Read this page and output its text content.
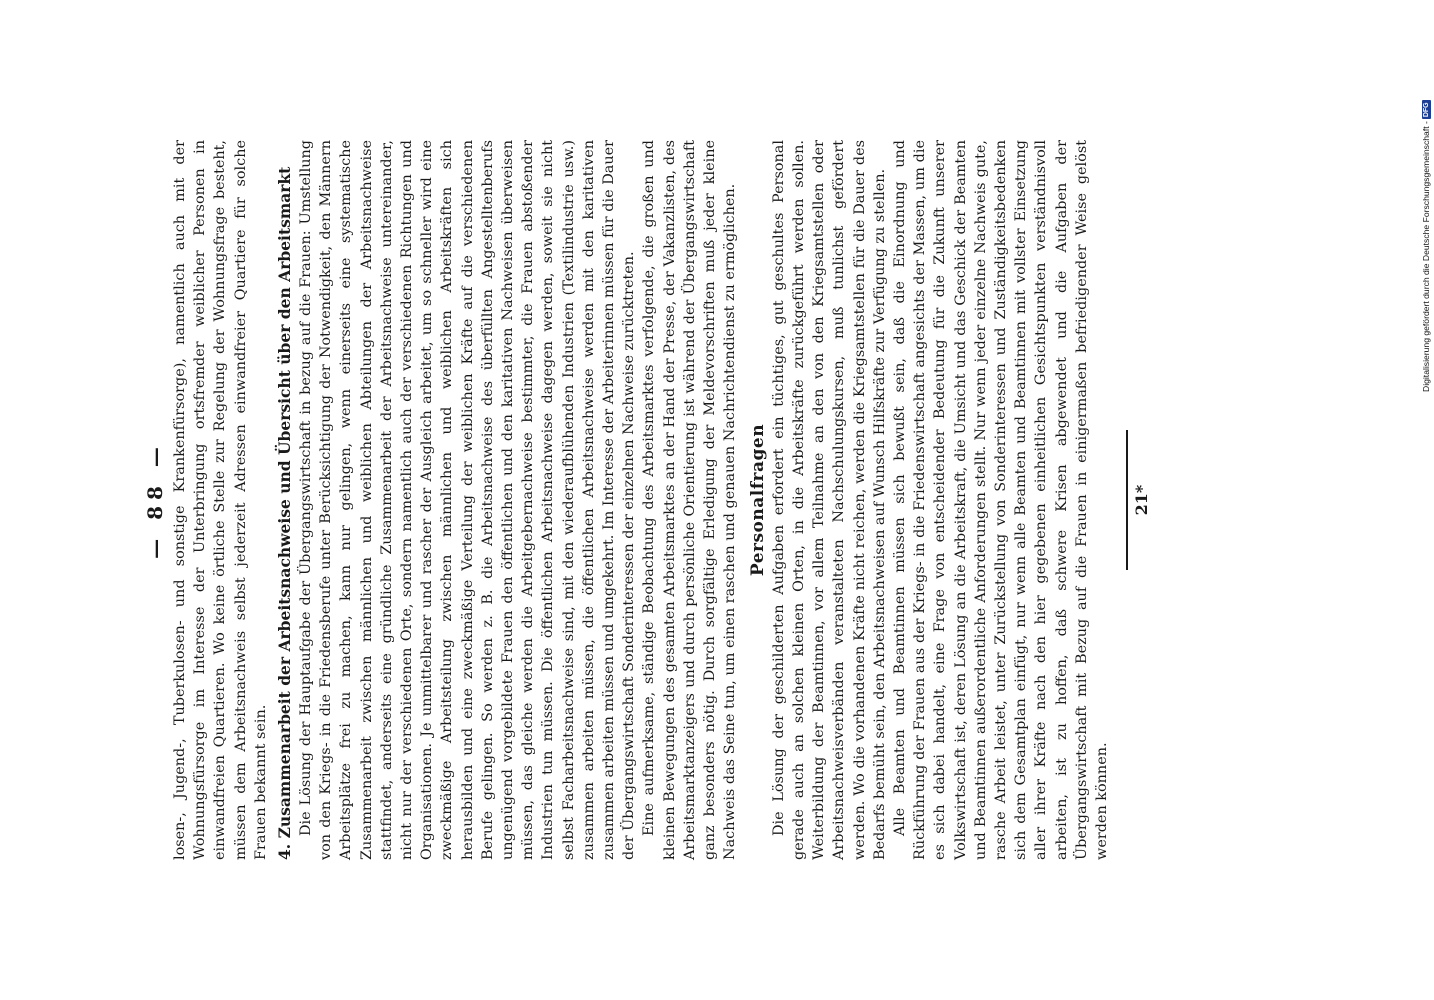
— 88 — losen-, Jugend-, Tuberkulosen- und sonstige Krankenfürsorge), namentlich auch mit der Wohnungsfürsorge im Interesse der Unterbringung ortsfremder weiblicher Personen in einwandfreien Quartieren. Wo keine örtliche Stelle zur Regelung der Wohnungsfrage besteht, müssen dem Arbeitsnachweis selbst jederzeit Adressen einwandfreier Quartiere für solche Frauen bekannt sein. 4. Zusammenarbeit der Arbeitsnachweise und Übersicht über den Arbeitsmarkt Die Lösung der Hauptaufgabe der Übergangswirtschaft in bezug auf die Frauen: Umstellung von den Kriegs- in die Friedensberufe unter Berücksichtigung der Notwendigkeit, den Männern Arbeitsplätze frei zu machen, kann nur gelingen, wenn einerseits eine systematische Zusammenarbeit zwischen männlichen und weiblichen Abteilungen der Arbeitsnachweise stattfindet, anderseits eine gründliche Zusammenarbeit der Arbeitsnachweise untereinander, nicht nur der verschiedenen Orte, sondern namentlich auch der verschiedenen Richtungen und Organisationen. Je unmittelbarer und rascher der Ausgleich arbeitet, um so schneller wird eine zweckmäßige Arbeitsteilung zwischen männlichen und weiblichen Arbeitskräften sich herausbilden und eine zweckmäßige Verteilung der weiblichen Kräfte auf die verschiedenen Berufe gelingen. So werden z. B. die Arbeitsnachweise des überfüllten Angestelltenberufs ungenügend vorgebildete Frauen den öffentlichen und den karitativen Nachweisen überweisen müssen, das gleiche werden die Arbeitgebernachweise bestimmter, die Frauen abstoßender Industrien tun müssen. Die öffentlichen Arbeitsnachweise dagegen werden, soweit sie nicht selbst Facharbeitsnachweise sind, mit den wiederaufblühenden Industrien (Textilindustrie usw.) zusammen arbeiten müssen, die öffentlichen Arbeitsnachweise werden mit den karitativen zusammen arbeiten müssen und umgekehrt. Im Interesse der Arbeiterinnen müssen für die Dauer der Übergangswirtschaft Sonderinteressen der einzelnen Nachweise zurücktreten. Eine aufmerksame, ständige Beobachtung des Arbeitsmarktes verfolgende, die großen und kleinen Bewegungen des gesamten Arbeitsmarktes an der Hand der Presse, der Vakanzlisten, des Arbeitsmarktanzeigers und durch persönliche Orientierung ist während der Übergangswirtschaft ganz besonders nötig. Durch sorgfältige Erledigung der Meldevorschriften muß jeder kleine Nachweis das Seine tun, um einen raschen und genauen Nachrichtendienst zu ermöglichen. Personalfragen Die Lösung der geschilderten Aufgaben erfordert ein tüchtiges, gut geschultes Personal gerade auch an solchen kleinen Orten, in die Arbeitskräfte zurückgeführt werden sollen. Weiterbildung der Beamtinnen, vor allem Teilnahme an den von den Kriegsamtstellen oder Arbeitsnachweisverbänden veranstalteten Nachschulungskursen, muß tunlichst gefördert werden. Wo die vorhandenen Kräfte nicht reichen, werden die Kriegsamtstellen für die Dauer des Bedarfs bemüht sein, den Arbeitsnachweisen auf Wunsch Hilfskräfte zur Verfügung zu stellen. Alle Beamten und Beamtinnen müssen sich bewußt sein, daß die Einordnung und Rückführung der Frauen aus der Kriegs- in die Friedenswirtschaft angesichts der Massen, um die es sich dabei handelt, eine Frage von entscheidender Bedeutung für die Zukunft unserer Volkswirtschaft ist, deren Lösung an die Arbeitskraft, die Umsicht und das Geschick der Beamten und Beamtinnen außerordentliche Anforderungen stellt. Nur wenn jeder einzelne Nachweis gute, rasche Arbeit leistet, unter Zurückstellung von Sonderinteressen und Zuständigkeitsbedenken sich dem Gesamtplan einfügt, nur wenn alle Beamten und Beamtinnen mit vollster Einsetzung aller ihrer Kräfte nach den hier gegebenen einheitlichen Gesichtspunkten verständnisvoll arbeiten, ist zu hoffen, daß schwere Krisen abgewendet und die Aufgaben der Übergangswirtschaft mit Bezug auf die Frauen in einigermaßen befriedigender Weise gelöst werden können.

21*
Digitalisierung gefördert durch die Deutsche Forschungsgemeinschaft -
DFG
